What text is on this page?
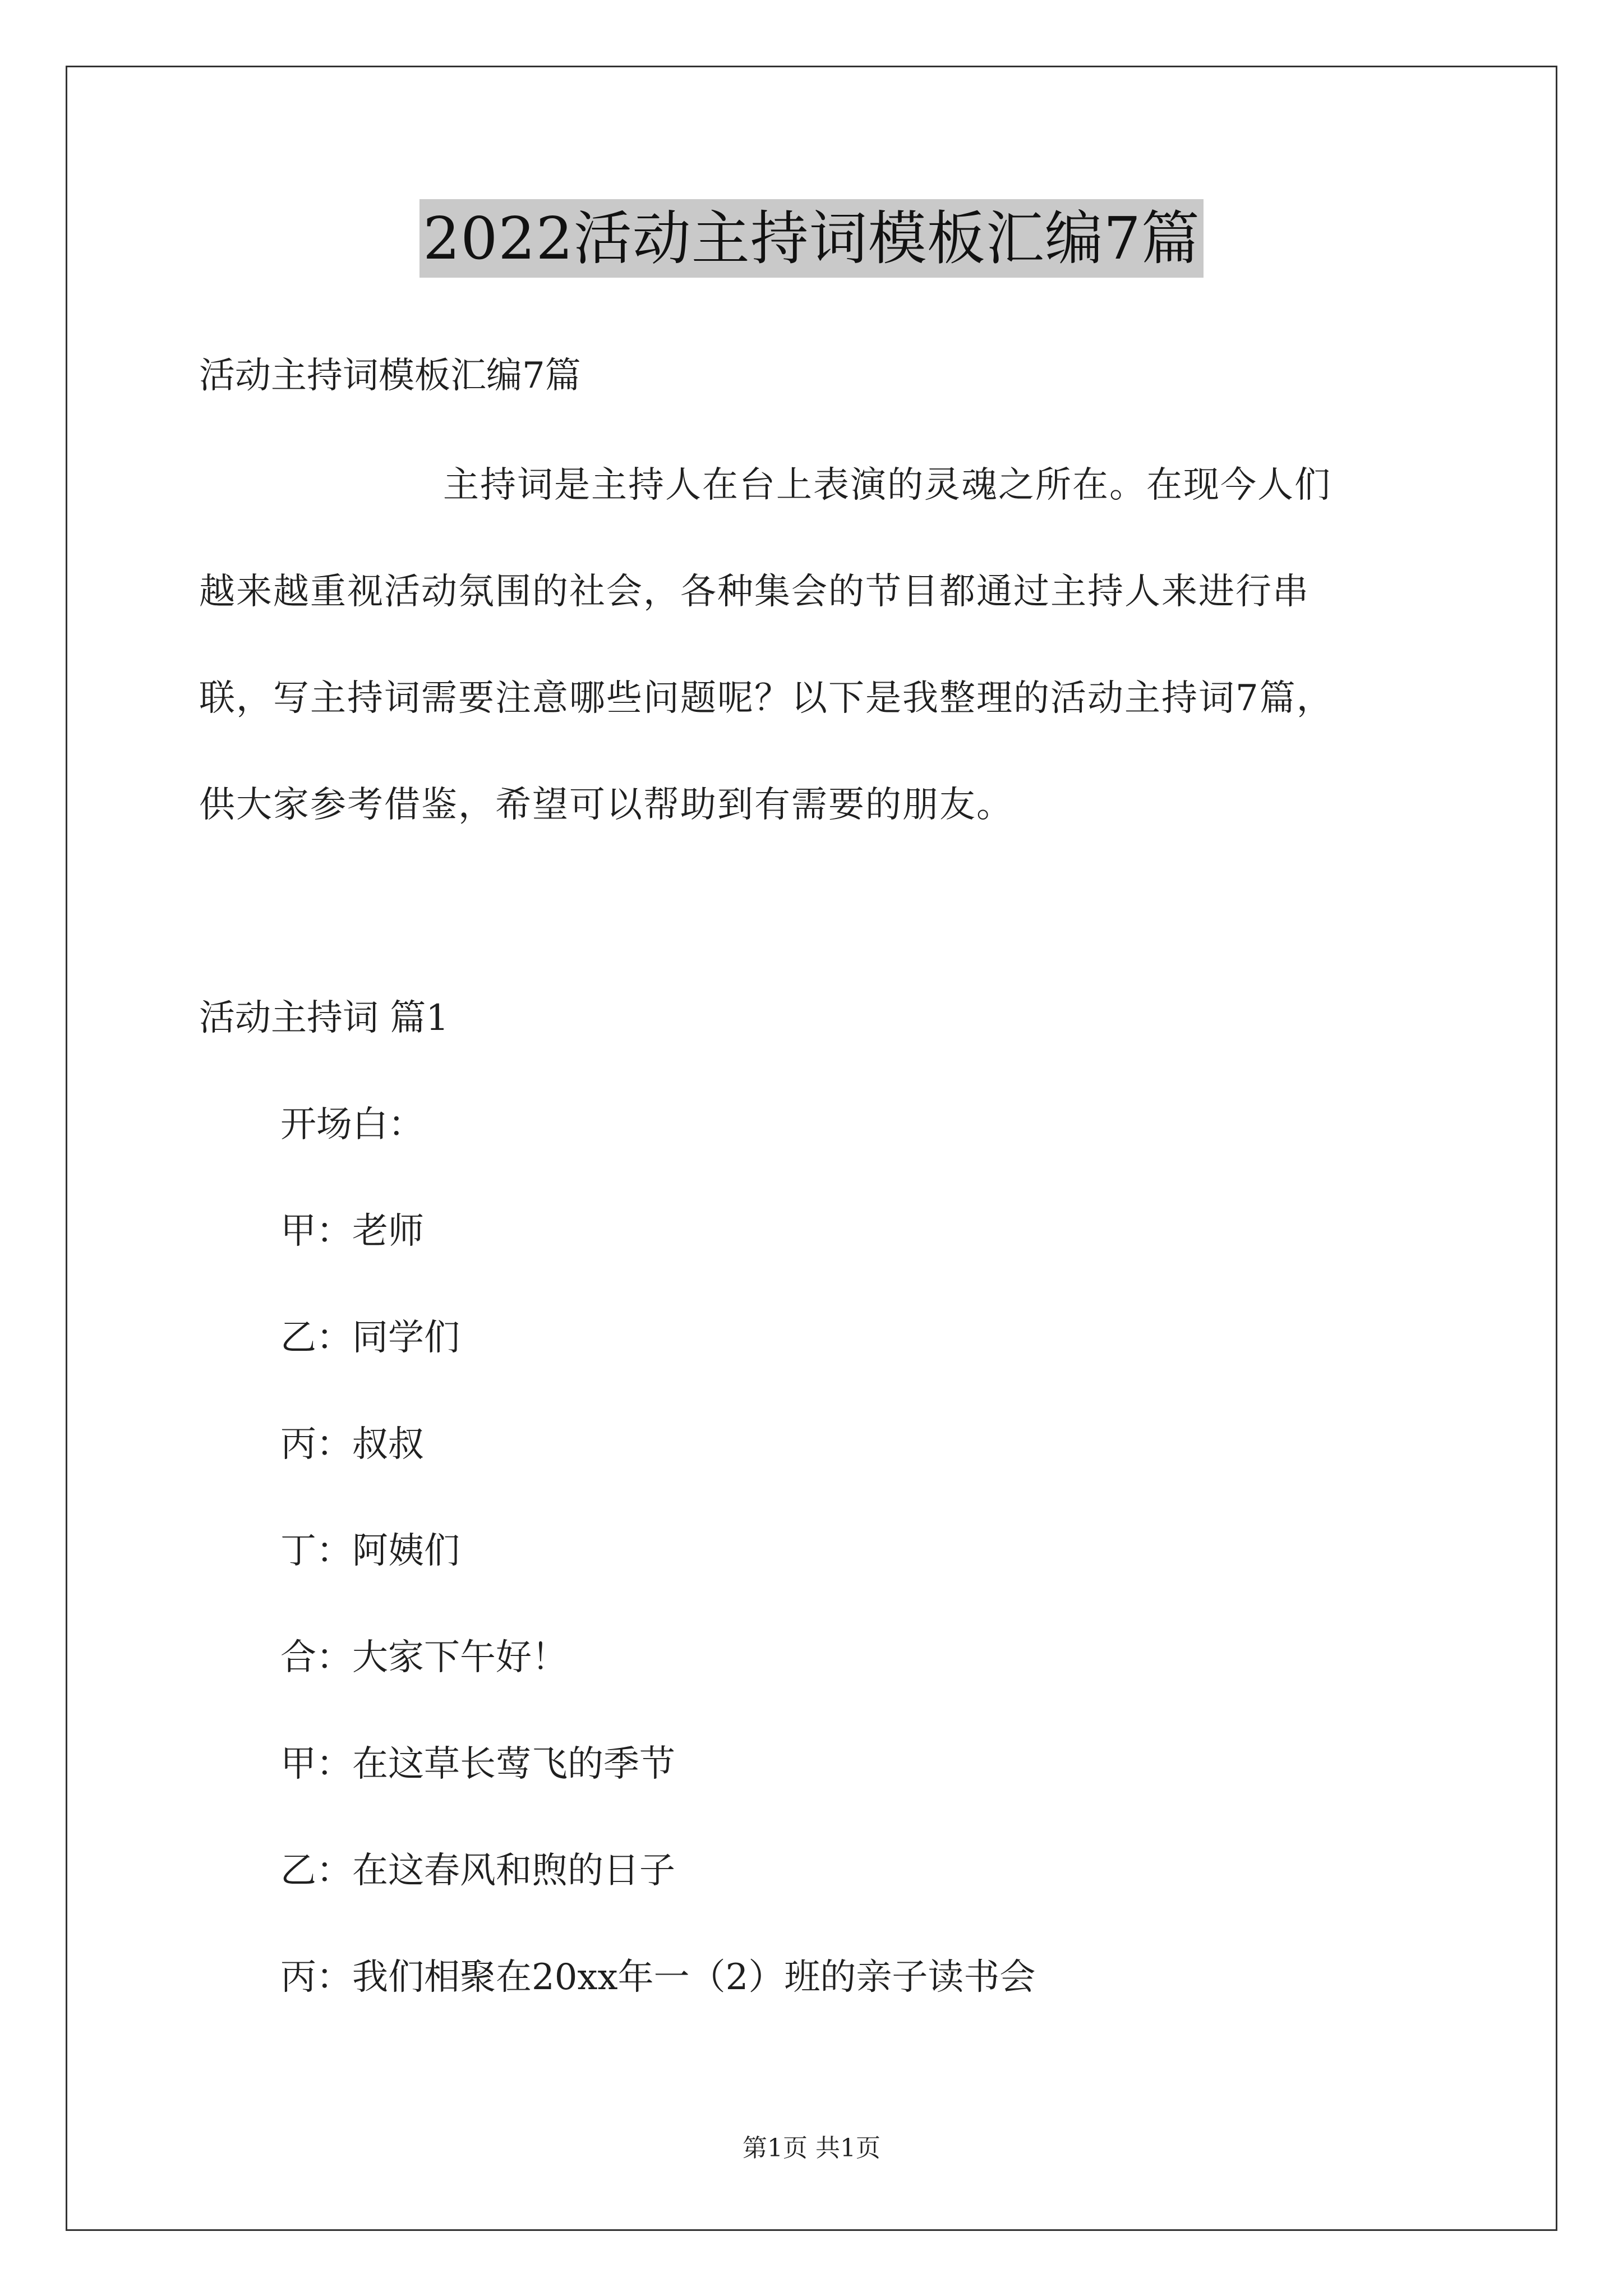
2022活动主持词模板汇编7篇
活动主持词模板汇编7篇
主持词是主持人在台上表演的灵魂之所在。在现今人们
越来越重视活动氛围的社会，各种集会的节目都通过主持人来进行串
联，写主持词需要注意哪些问题呢？以下是我整理的活动主持词7篇，
供大家参考借鉴，希望可以帮助到有需要的朋友。
活动主持词 篇1
开场白：
甲：老师
乙：同学们
丙：叔叔
丁：阿姨们
合：大家下午好！
甲：在这草长莺飞的季节
乙：在这春风和煦的日子
丙：我们相聚在20xx年一（2）班的亲子读书会
第1页 共1页
